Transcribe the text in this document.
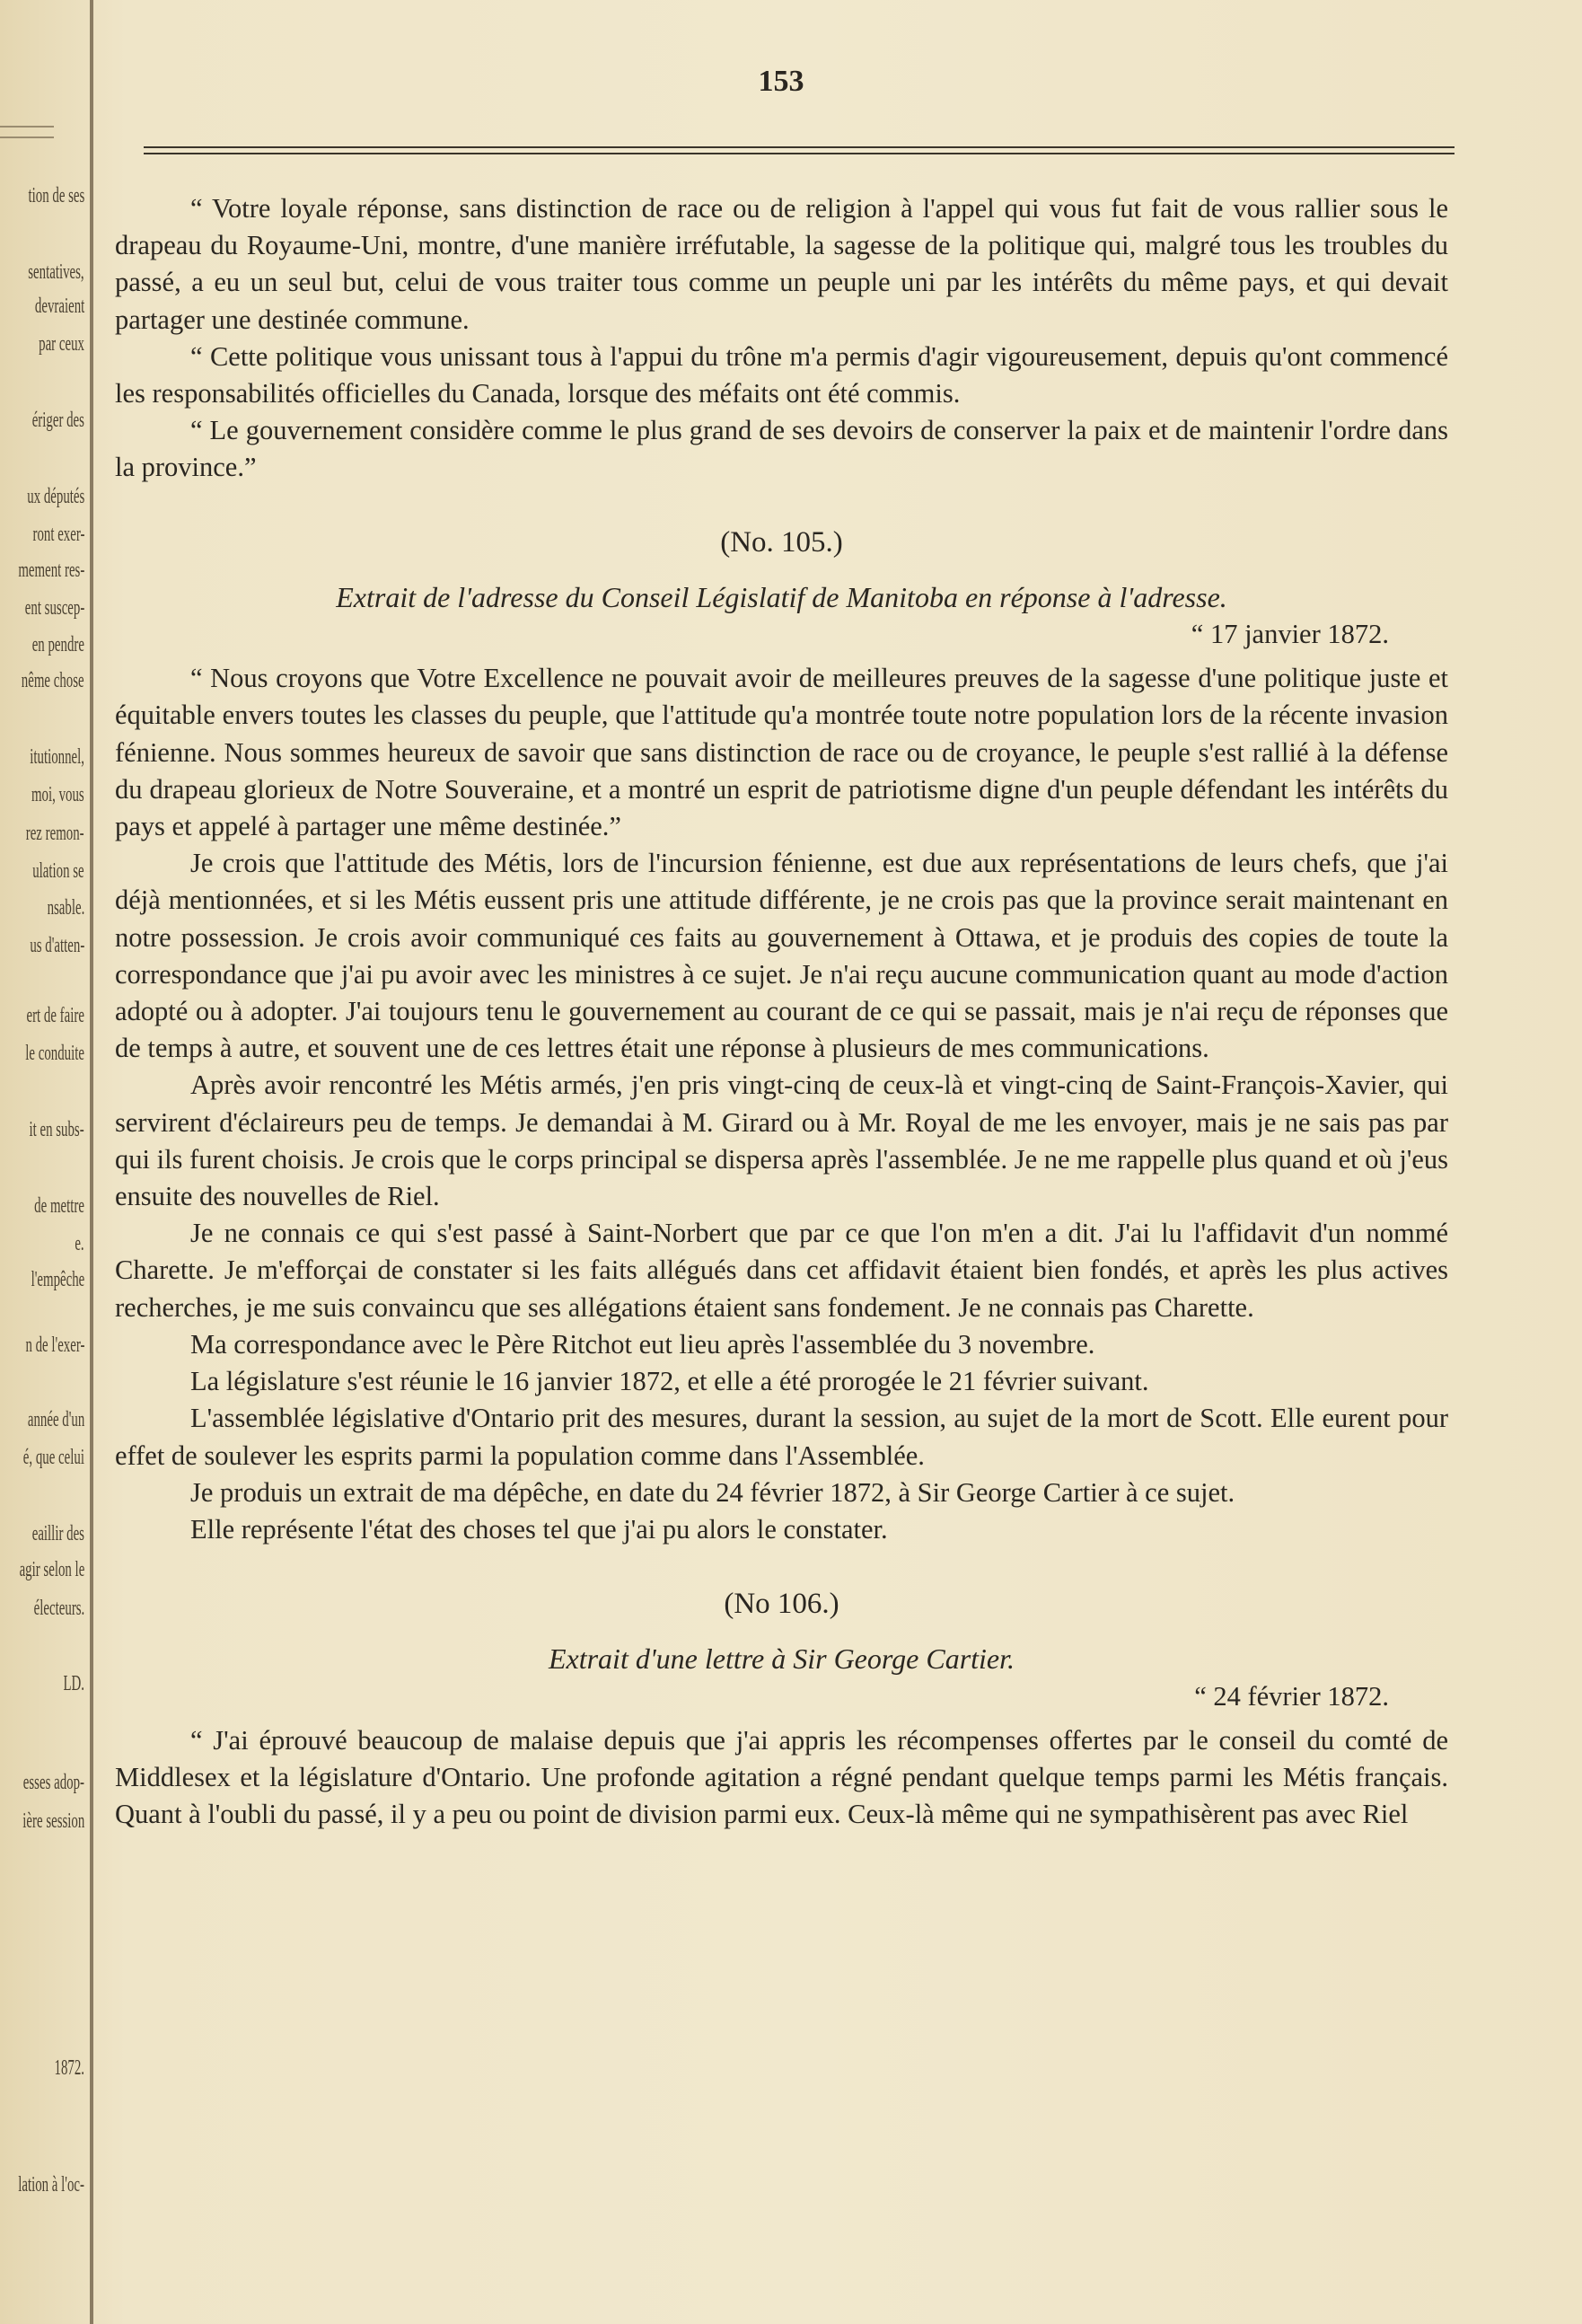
tion de ses
sentatives,
devraient
par ceux
ériger des
ux députés
ront exer-
mement res-
ent suscep-
en pendre
nême chose
itutionnel,
moi, vous
rez remon-
ulation se
nsable.
us d'atten-
ert de faire
le conduite
it en subs-
de mettre
e.
l'empêche
n de l'exer-
année d'un
é, que celui
eaillir des
agir selon le
électeurs.
LD.
esses adop-
ière session
1872.
lation à l'oc-
153

“ Votre loyale réponse, sans distinction de race ou de religion à l'appel qui vous fut fait de vous rallier sous le drapeau du Royaume-Uni, montre, d'une manière irréfutable, la sagesse de la politique qui, malgré tous les troubles du passé, a eu un seul but, celui de vous traiter tous comme un peuple uni par les intérêts du même pays, et qui devait partager une destinée commune.

“ Cette politique vous unissant tous à l'appui du trône m'a permis d'agir vigoureusement, depuis qu'ont commencé les responsabilités officielles du Canada, lorsque des méfaits ont été commis.

“ Le gouvernement considère comme le plus grand de ses devoirs de conserver la paix et de maintenir l'ordre dans la province.”

(No. 105.)

Extrait de l'adresse du Conseil Législatif de Manitoba en réponse à l'adresse.

“ 17 janvier 1872.

“ Nous croyons que Votre Excellence ne pouvait avoir de meilleures preuves de la sagesse d'une politique juste et équitable envers toutes les classes du peuple, que l'attitude qu'a montrée toute notre population lors de la récente invasion fénienne. Nous sommes heureux de savoir que sans distinction de race ou de croyance, le peuple s'est rallié à la défense du drapeau glorieux de Notre Souveraine, et a montré un esprit de patriotisme digne d'un peuple défendant les intérêts du pays et appelé à partager une même destinée.”

Je crois que l'attitude des Métis, lors de l'incursion fénienne, est due aux représentations de leurs chefs, que j'ai déjà mentionnées, et si les Métis eussent pris une attitude différente, je ne crois pas que la province serait maintenant en notre possession. Je crois avoir communiqué ces faits au gouvernement à Ottawa, et je produis des copies de toute la correspondance que j'ai pu avoir avec les ministres à ce sujet. Je n'ai reçu aucune communication quant au mode d'action adopté ou à adopter. J'ai toujours tenu le gouvernement au courant de ce qui se passait, mais je n'ai reçu de réponses que de temps à autre, et souvent une de ces lettres était une réponse à plusieurs de mes communications.

Après avoir rencontré les Métis armés, j'en pris vingt-cinq de ceux-là et vingt-cinq de Saint-François-Xavier, qui servirent d'éclaireurs peu de temps. Je demandai à M. Girard ou à Mr. Royal de me les envoyer, mais je ne sais pas par qui ils furent choisis. Je crois que le corps principal se dispersa après l'assemblée. Je ne me rappelle plus quand et où j'eus ensuite des nouvelles de Riel.

Je ne connais ce qui s'est passé à Saint-Norbert que par ce que l'on m'en a dit. J'ai lu l'affidavit d'un nommé Charette. Je m'efforçai de constater si les faits allégués dans cet affidavit étaient bien fondés, et après les plus actives recherches, je me suis convaincu que ses allégations étaient sans fondement. Je ne connais pas Charette.

Ma correspondance avec le Père Ritchot eut lieu après l'assemblée du 3 novembre.

La législature s'est réunie le 16 janvier 1872, et elle a été prorogée le 21 février suivant.

L'assemblée législative d'Ontario prit des mesures, durant la session, au sujet de la mort de Scott. Elle eurent pour effet de soulever les esprits parmi la population comme dans l'Assemblée.

Je produis un extrait de ma dépêche, en date du 24 février 1872, à Sir George Cartier à ce sujet.

Elle représente l'état des choses tel que j'ai pu alors le constater.

(No 106.)

Extrait d'une lettre à Sir George Cartier.

“ 24 février 1872.

“ J'ai éprouvé beaucoup de malaise depuis que j'ai appris les récompenses offertes par le conseil du comté de Middlesex et la législature d'Ontario. Une profonde agitation a régné pendant quelque temps parmi les Métis français. Quant à l'oubli du passé, il y a peu ou point de division parmi eux. Ceux-là même qui ne sympathisèrent pas avec Riel
